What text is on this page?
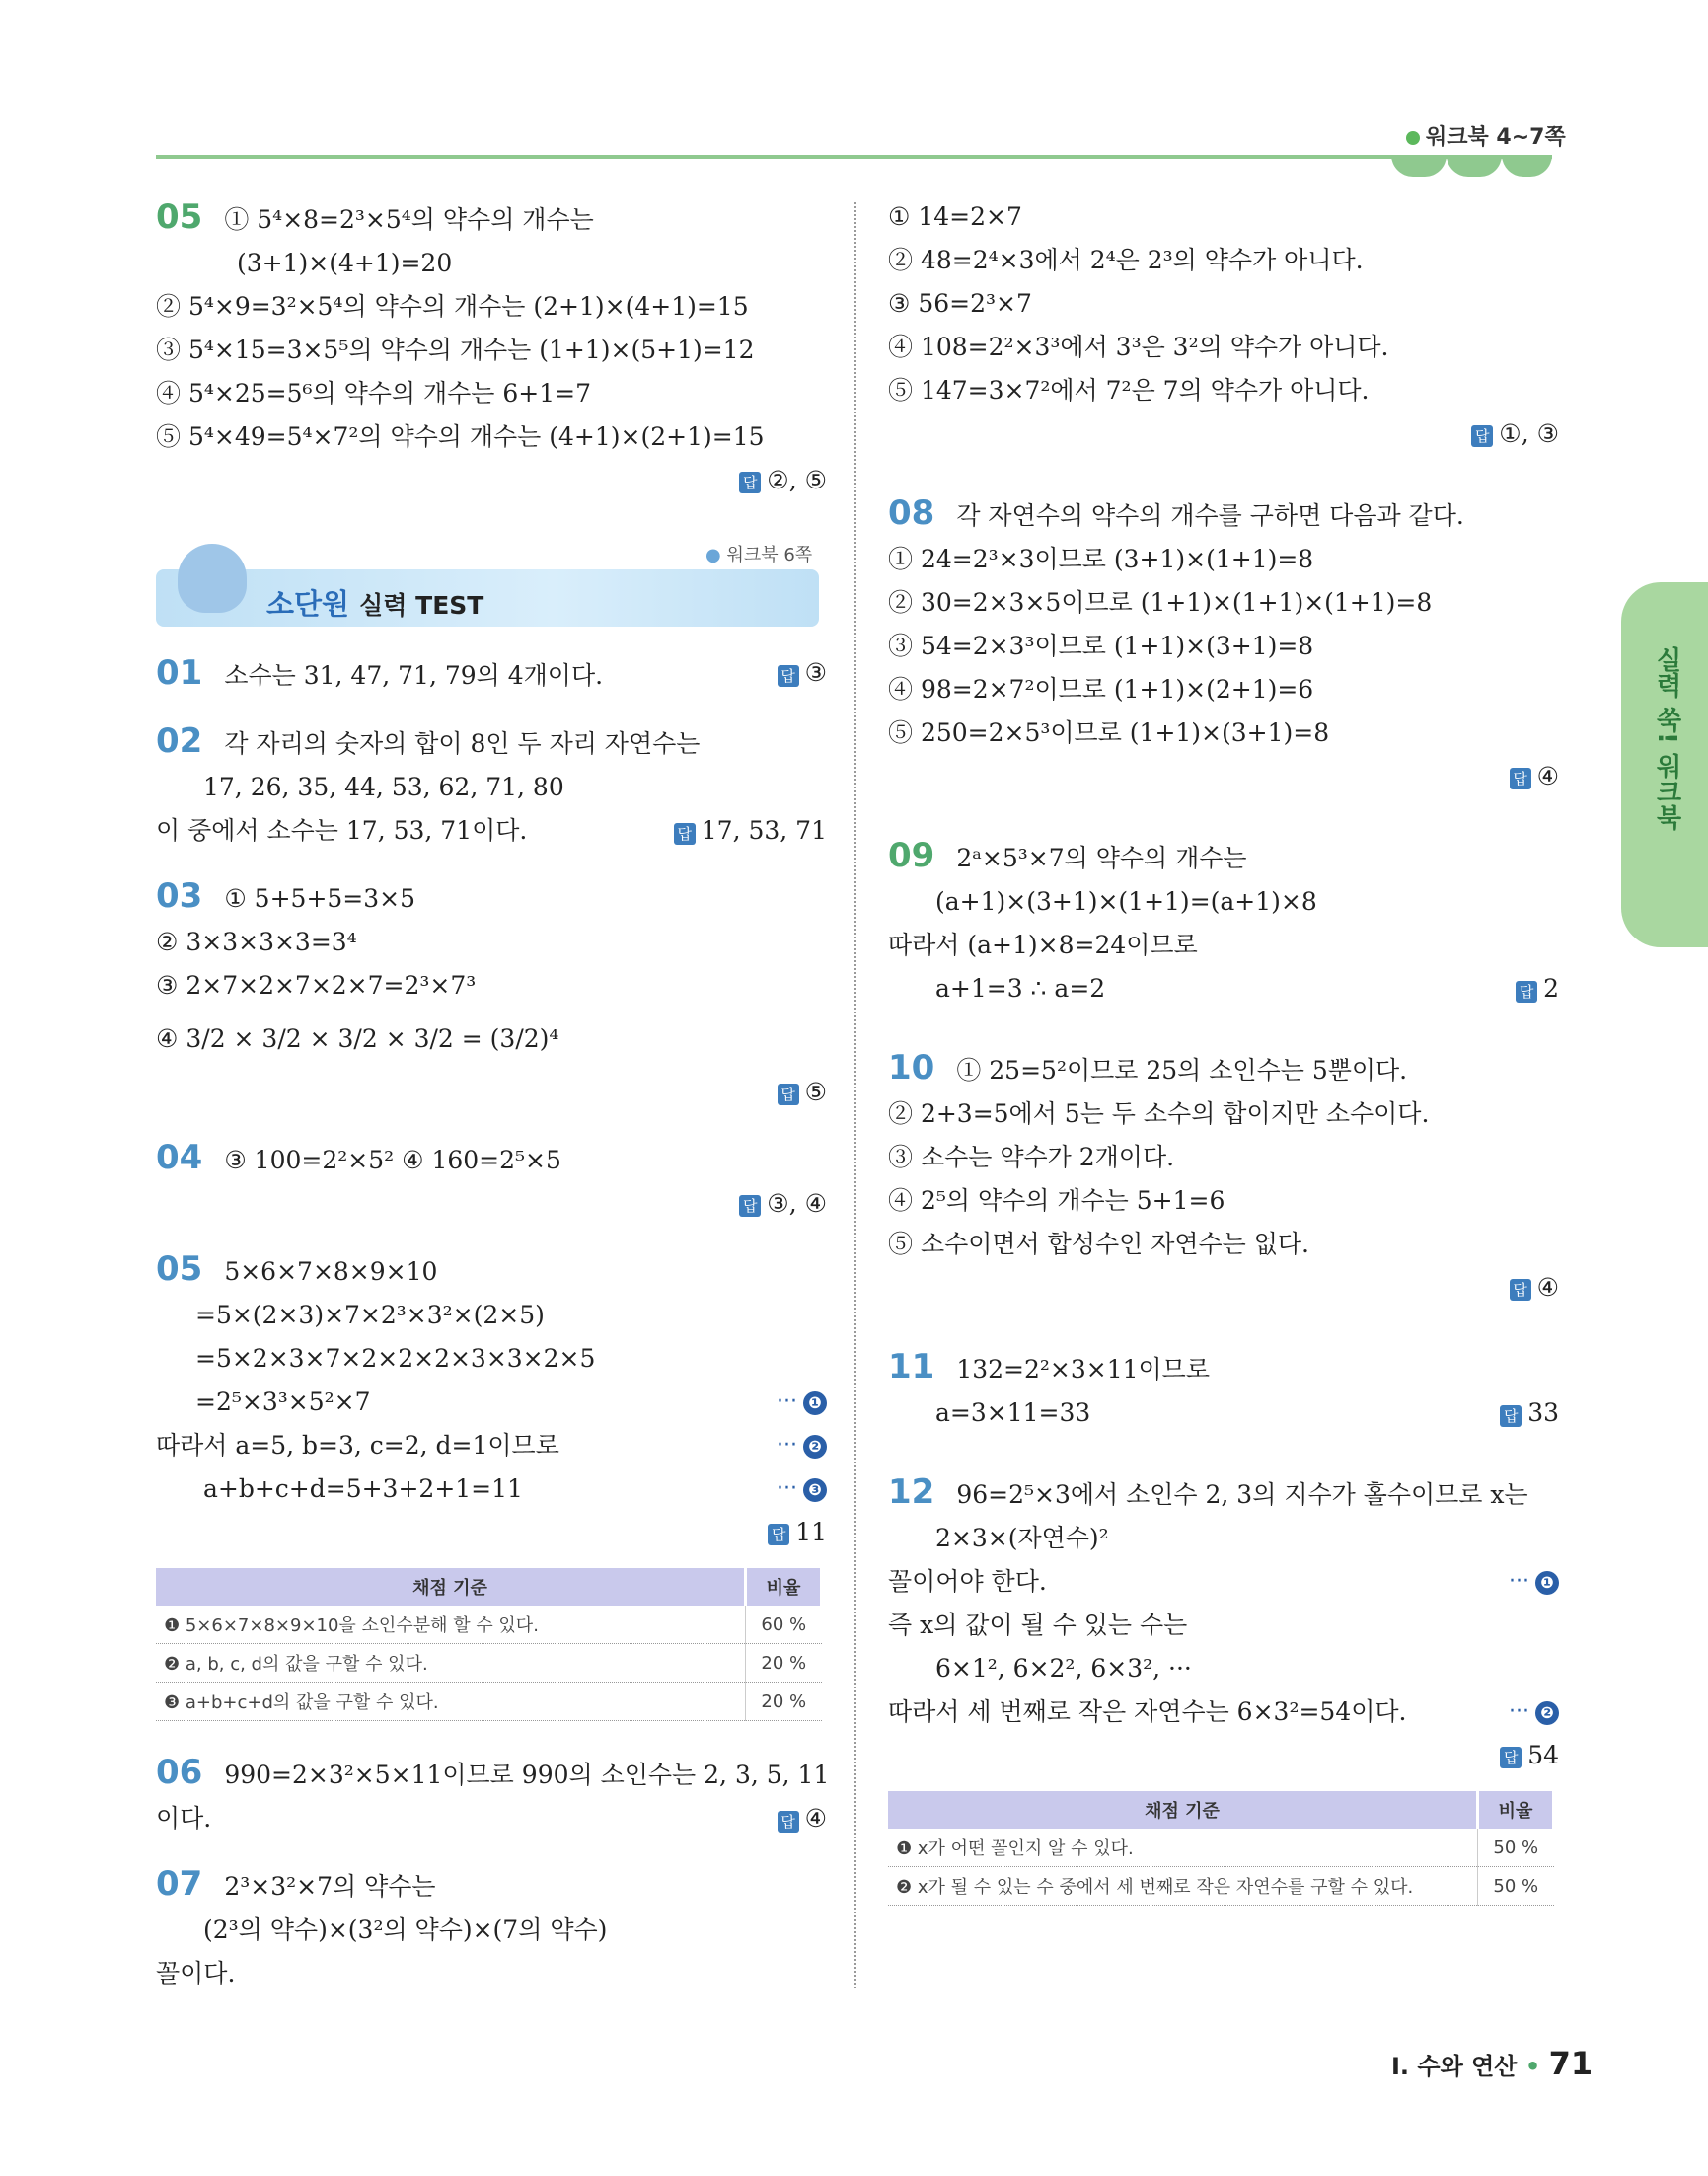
워크북 4~7쪽
05 ① 5⁴×8=2³×5⁴의 약수의 개수는
(3+1)×(4+1)=20
② 5⁴×9=3²×5⁴의 약수의 개수는 (2+1)×(4+1)=15
③ 5⁴×15=3×5⁵의 약수의 개수는 (1+1)×(5+1)=12
④ 5⁴×25=5⁶의 약수의 개수는 6+1=7
⑤ 5⁴×49=5⁴×7²의 약수의 개수는 (4+1)×(2+1)=15
답 ②, ⑤
● 워크북 6쪽
소단원 실력 TEST
01 소수는 31, 47, 71, 79의 4개이다.	답 ③
02 각 자리의 숫자의 합이 8인 두 자리 자연수는
17, 26, 35, 44, 53, 62, 71, 80
이 중에서 소수는 17, 53, 71이다.	답 17, 53, 71
03 ① 5+5+5=3×5
② 3×3×3×3=3⁴
③ 2×7×2×7×2×7=2³×7³
④ 3/2 × 3/2 × 3/2 × 3/2 = (3/2)⁴
답 ⑤
04 ③ 100=2²×5² ④ 160=2⁵×5
답 ③, ④
05 5×6×7×8×9×10
=5×(2×3)×7×2³×3²×(2×5)
=5×2×3×7×2×2×2×3×3×2×5
=2⁵×3³×5²×7	··· ❶
따라서 a=5, b=3, c=2, d=1이므로	··· ❷
a+b+c+d=5+3+2+1=11	··· ❸
답 11
채점 기준	비율
❶ 5×6×7×8×9×10을 소인수분해 할 수 있다.	60 %
❷ a, b, c, d의 값을 구할 수 있다.	20 %
❸ a+b+c+d의 값을 구할 수 있다.	20 %
06 990=2×3²×5×11이므로 990의 소인수는 2, 3, 5, 11
이다.	답 ④
07 2³×3²×7의 약수는
(2³의 약수)×(3²의 약수)×(7의 약수)
꼴이다.
① 14=2×7
② 48=2⁴×3에서 2⁴은 2³의 약수가 아니다.
③ 56=2³×7
④ 108=2²×3³에서 3³은 3²의 약수가 아니다.
⑤ 147=3×7²에서 7²은 7의 약수가 아니다.
답 ①, ③
08 각 자연수의 약수의 개수를 구하면 다음과 같다.
① 24=2³×3이므로 (3+1)×(1+1)=8
② 30=2×3×5이므로 (1+1)×(1+1)×(1+1)=8
③ 54=2×3³이므로 (1+1)×(3+1)=8
④ 98=2×7²이므로 (1+1)×(2+1)=6
⑤ 250=2×5³이므로 (1+1)×(3+1)=8
답 ④
09 2ᵃ×5³×7의 약수의 개수는
(a+1)×(3+1)×(1+1)=(a+1)×8
따라서 (a+1)×8=24이므로
a+1=3 ∴ a=2	답 2
10 ① 25=5²이므로 25의 소인수는 5뿐이다.
② 2+3=5에서 5는 두 소수의 합이지만 소수이다.
③ 소수는 약수가 2개이다.
④ 2⁵의 약수의 개수는 5+1=6
⑤ 소수이면서 합성수인 자연수는 없다.
답 ④
11 132=2²×3×11이므로
a=3×11=33	답 33
12 96=2⁵×3에서 소인수 2, 3의 지수가 홀수이므로 x는
2×3×(자연수)²
꼴이어야 한다.	··· ❶
즉 x의 값이 될 수 있는 수는
6×1², 6×2², 6×3², ···
따라서 세 번째로 작은 자연수는 6×3²=54이다.	··· ❷
답 54
채점 기준	비율
❶ x가 어떤 꼴인지 알 수 있다.	50 %
❷ x가 될 수 있는 수 중에서 세 번째로 작은 자연수를 구할 수 있다.	50 %
실력 쑥! 워크북
Ⅰ. 수와 연산 • 71
